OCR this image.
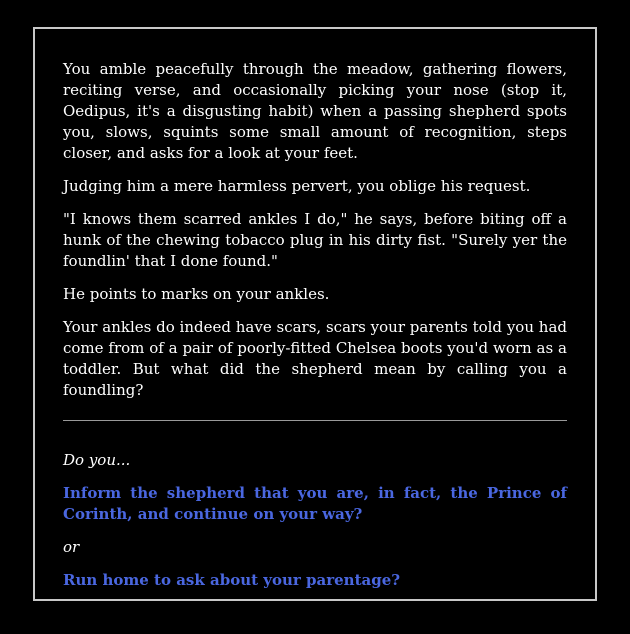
You amble peacefully through the meadow, gathering flowers, reciting verse, and occasionally picking your nose (stop it, Oedipus, it's a disgusting habit) when a passing shepherd spots you, slows, squints some small amount of recognition, steps closer, and asks for a look at your feet.

Judging him a mere harmless pervert, you oblige his request.

"I knows them scarred ankles I do," he says, before biting off a hunk of the chewing tobacco plug in his dirty fist. "Surely yer the foundlin' that I done found."

He points to marks on your ankles.

Your ankles do indeed have scars, scars your parents told you had come from of a pair of poorly-fitted Chelsea boots you'd worn as a toddler. But what did the shepherd mean by calling you a foundling?

Do you...

Inform the shepherd that you are, in fact, the Prince of Corinth, and continue on your way?

or

Run home to ask about your parentage?
